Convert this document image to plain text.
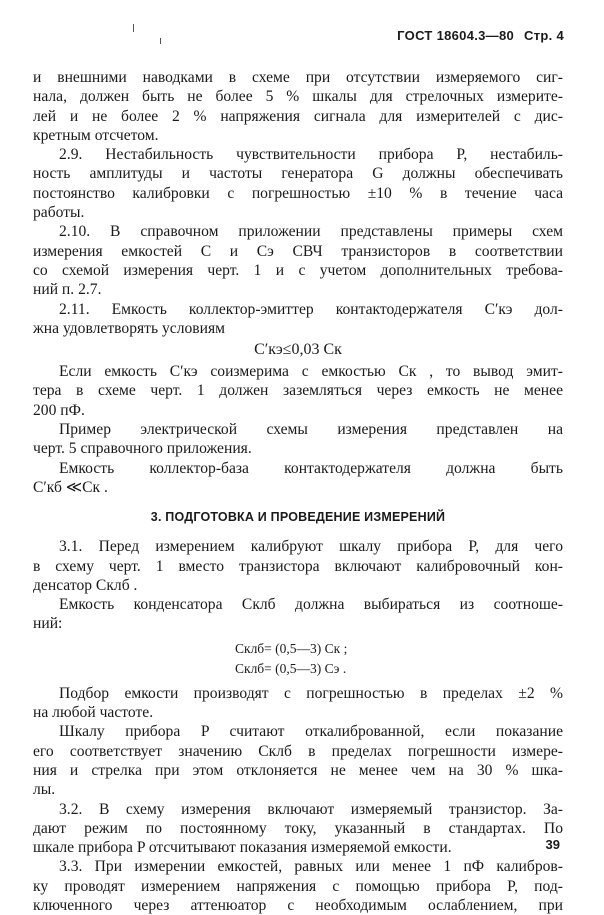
ГОСТ 18604.3—80 Стр. 4
и внешними наводками в схеме при отсутствии измеряемого сиг-
нала, должен быть не более 5 % шкалы для стрелочных измерите-
лей и не более 2 % напряжения сигнала для измерителей с дис-
кретным отсчетом.
2.9. Нестабильность чувствительности прибора P, нестабиль-
ность амплитуды и частоты генератора G должны обеспечивать
постоянство калибровки с погрешностью ±10 % в течение часа
работы.
2.10. В справочном приложении представлены примеры схем
измерения емкостей C и Cэ СВЧ транзисторов в соответствии
со схемой измерения черт. 1 и с учетом дополнительных требова-
ний п. 2.7.
2.11. Емкость коллектор-эмиттер контактодержателя C′кэ дол-
жна удовлетворять условиям
C′кэ≤0,03 Cк
Если емкость C′кэ соизмерима с емкостью Cк , то вывод эмит-
тера в схеме черт. 1 должен заземляться через емкость не менее
200 пФ.
Пример электрической схемы измерения представлен на
черт. 5 справочного приложения.
Емкость коллектор-база контактодержателя должна быть
C′кб ≪Cк .
3. ПОДГОТОВКА И ПРОВЕДЕНИЕ ИЗМЕРЕНИЙ
3.1. Перед измерением калибруют шкалу прибора P, для чего
в схему черт. 1 вместо транзистора включают калибровочный кон-
денсатор Cклб .
Емкость конденсатора Cклб должна выбираться из соотноше-
ний:
Cклб= (0,5—3) Cк ;
Cклб= (0,5—3) Cэ .
Подбор емкости производят с погрешностью в пределах ±2 %
на любой частоте.
Шкалу прибора P считают откалиброванной, если показание
его соответствует значению Cклб в пределах погрешности измере-
ния и стрелка при этом отклоняется не менее чем на 30 % шка-
лы.
3.2. В схему измерения включают измеряемый транзистор. За-
дают режим по постоянному току, указанный в стандартах. По
шкале прибора P отсчитывают показания измеряемой емкости.
3.3. При измерении емкостей, равных или менее 1 пФ калибров-
ку проводят измерением напряжения с помощью прибора P, под-
ключенного через аттенюатор с необходимым ослаблением, при
39
